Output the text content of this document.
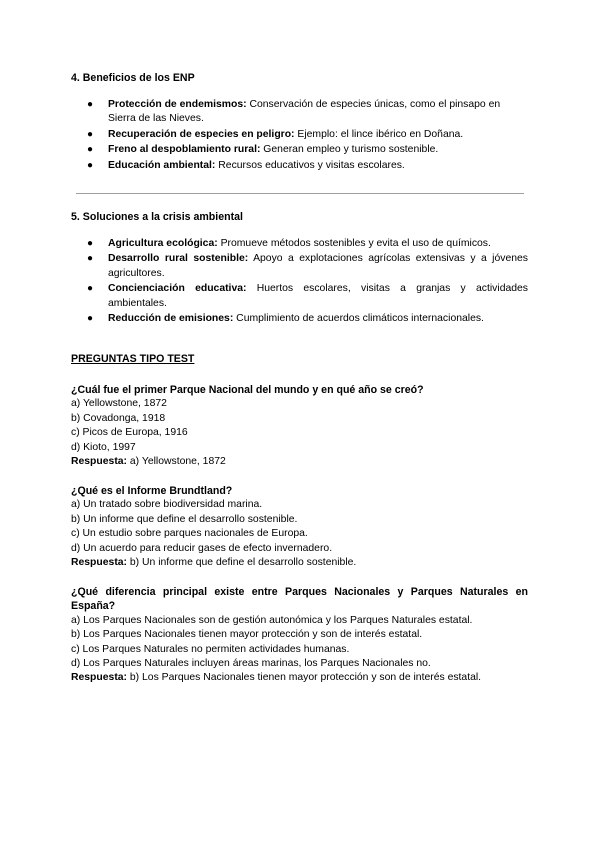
4. Beneficios de los ENP
● Protección de endemismos: Conservación de especies únicas, como el pinsapo en Sierra de las Nieves.
● Recuperación de especies en peligro: Ejemplo: el lince ibérico en Doñana.
● Freno al despoblamiento rural: Generan empleo y turismo sostenible.
● Educación ambiental: Recursos educativos y visitas escolares.
5. Soluciones a la crisis ambiental
● Agricultura ecológica: Promueve métodos sostenibles y evita el uso de químicos.
● Desarrollo rural sostenible: Apoyo a explotaciones agrícolas extensivas y a jóvenes agricultores.
● Concienciación educativa: Huertos escolares, visitas a granjas y actividades ambientales.
● Reducción de emisiones: Cumplimiento de acuerdos climáticos internacionales.
PREGUNTAS TIPO TEST
¿Cuál fue el primer Parque Nacional del mundo y en qué año se creó?
a) Yellowstone, 1872
b) Covadonga, 1918
c) Picos de Europa, 1916
d) Kioto, 1997
Respuesta: a) Yellowstone, 1872
¿Qué es el Informe Brundtland?
a) Un tratado sobre biodiversidad marina.
b) Un informe que define el desarrollo sostenible.
c) Un estudio sobre parques nacionales de Europa.
d) Un acuerdo para reducir gases de efecto invernadero.
Respuesta: b) Un informe que define el desarrollo sostenible.
¿Qué diferencia principal existe entre Parques Nacionales y Parques Naturales en España?
a) Los Parques Nacionales son de gestión autonómica y los Parques Naturales estatal.
b) Los Parques Nacionales tienen mayor protección y son de interés estatal.
c) Los Parques Naturales no permiten actividades humanas.
d) Los Parques Naturales incluyen áreas marinas, los Parques Nacionales no.
Respuesta: b) Los Parques Nacionales tienen mayor protección y son de interés estatal.
